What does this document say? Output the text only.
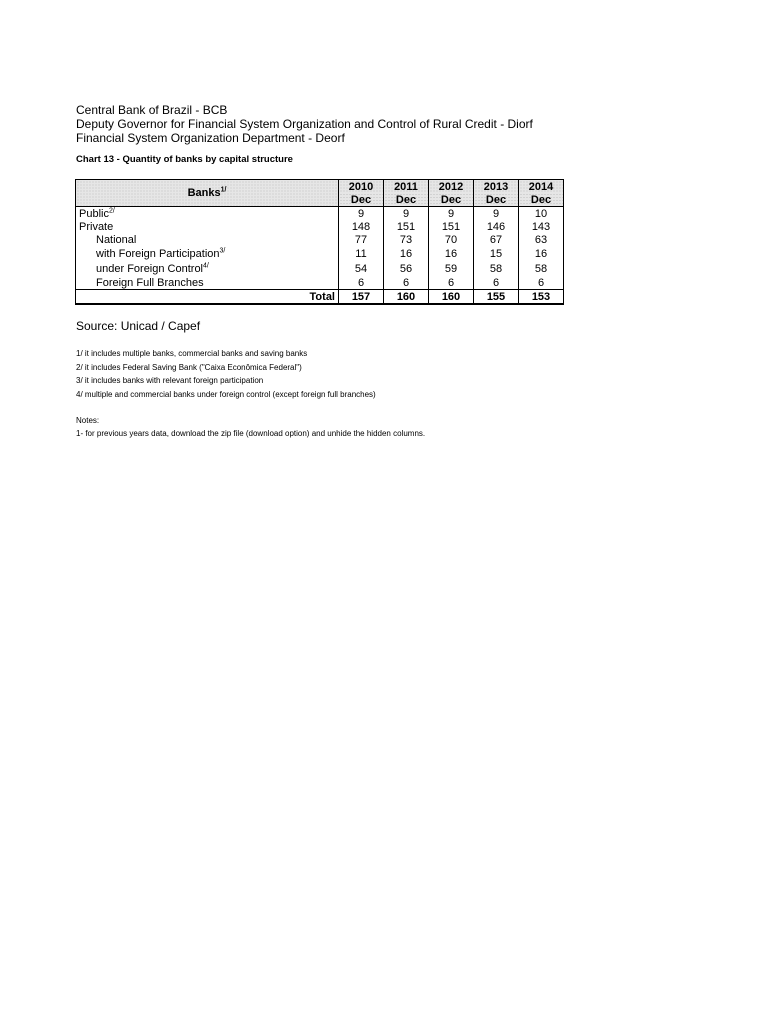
Central Bank of Brazil - BCB
Deputy Governor for Financial System Organization and Control of Rural Credit - Diorf
Financial System Organization Department - Deorf
Chart 13 - Quantity of banks by capital structure
Banks$^{1/}$	2010	2011	2012	2013	2014
	Dec	Dec	Dec	Dec	Dec
Public$^{2/}$	9	9	9	9	10
Private	148	151	151	146	143
National	77	73	70	67	63
with Foreign Participation$^{3/}$	11	16	16	15	16
under Foreign Control$^{4/}$	54	56	59	58	58
Foreign Full Branches	6	6	6	6	6
Total	157	160	160	155	153
Source: Unicad / Capef
1/ it includes multiple banks, commercial banks and saving banks
2/ it includes Federal Saving Bank ("Caixa Econômica Federal")
3/ it includes banks with relevant foreign participation
4/ multiple and commercial banks under foreign control (except foreign full branches)
Notes:
1- for previous years data, download the zip file (download option) and unhide the hidden columns.
